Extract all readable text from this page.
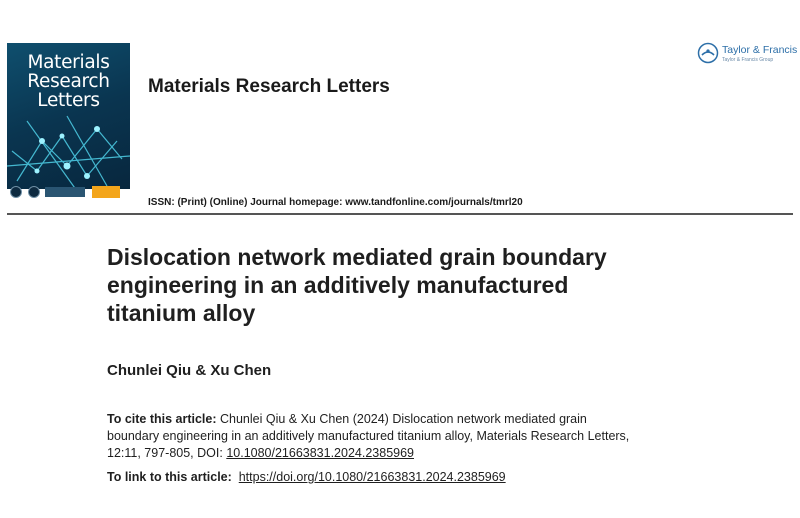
Materials
Research
Letters
Materials Research Letters
Taylor & Francis
Taylor & Francis Group
ISSN: (Print) (Online) Journal homepage: www.tandfonline.com/journals/tmrl20
Dislocation network mediated grain boundary
engineering in an additively manufactured
titanium alloy
Chunlei Qiu & Xu Chen
To cite this article: Chunlei Qiu & Xu Chen (2024) Dislocation network mediated grain
boundary engineering in an additively manufactured titanium alloy, Materials Research Letters,
12:11, 797-805, DOI: 10.1080/21663831.2024.2385969
To link to this article: https://doi.org/10.1080/21663831.2024.2385969
